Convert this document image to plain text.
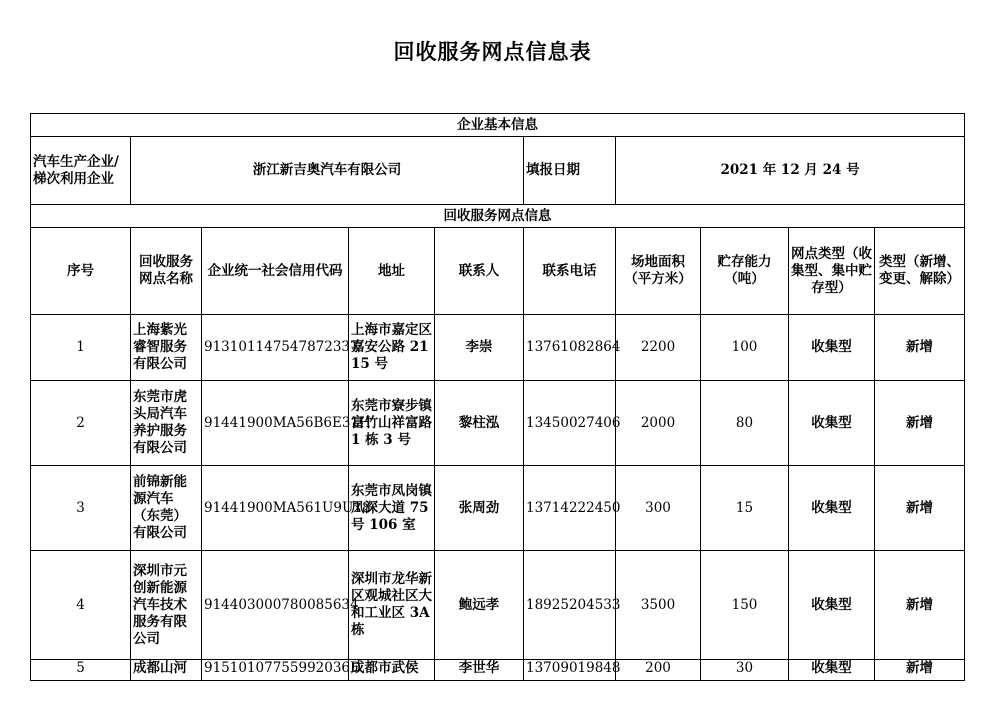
回收服务网点信息表
企业基本信息									
汽车生产企业/梯次利用企业	浙江新吉奥汽车有限公司				填报日期	2021 年 12 月 24 号			
回收服务网点信息									
序号	回收服务网点名称	企业统一社会信用代码	地址	联系人	联系电话	场地面积（平方米）	贮存能力（吨）	网点类型（收集型、集中贮存型）	类型（新增、变更、解除）
1	上海紫光睿智服务有限公司	913101147547872337	上海市嘉定区嘉安公路 2115 号	李崇	13761082864	2200	100	收集型	新增
2	东莞市虎头局汽车养护服务有限公司	91441900MA56B6E31H	东莞市寮步镇富竹山祥富路 1 栋 3 号	黎柱泓	13450027406	2000	80	收集型	新增
3	前锦新能源汽车（东莞）有限公司	91441900MA561U9U18	东莞市凤岗镇凤深大道 75 号 106 室	张周劲	13714222450	300	15	收集型	新增
4	深圳市元创新能源汽车技术服务有限公司	914403000780085634	深圳市龙华新区观城社区大和工业区 3A 栋	鲍远孝	18925204533	3500	150	收集型	新增
5	成都山河	91510107755992036D	成都市武侯	李世华	13709019848	200	30	收集型	新增
